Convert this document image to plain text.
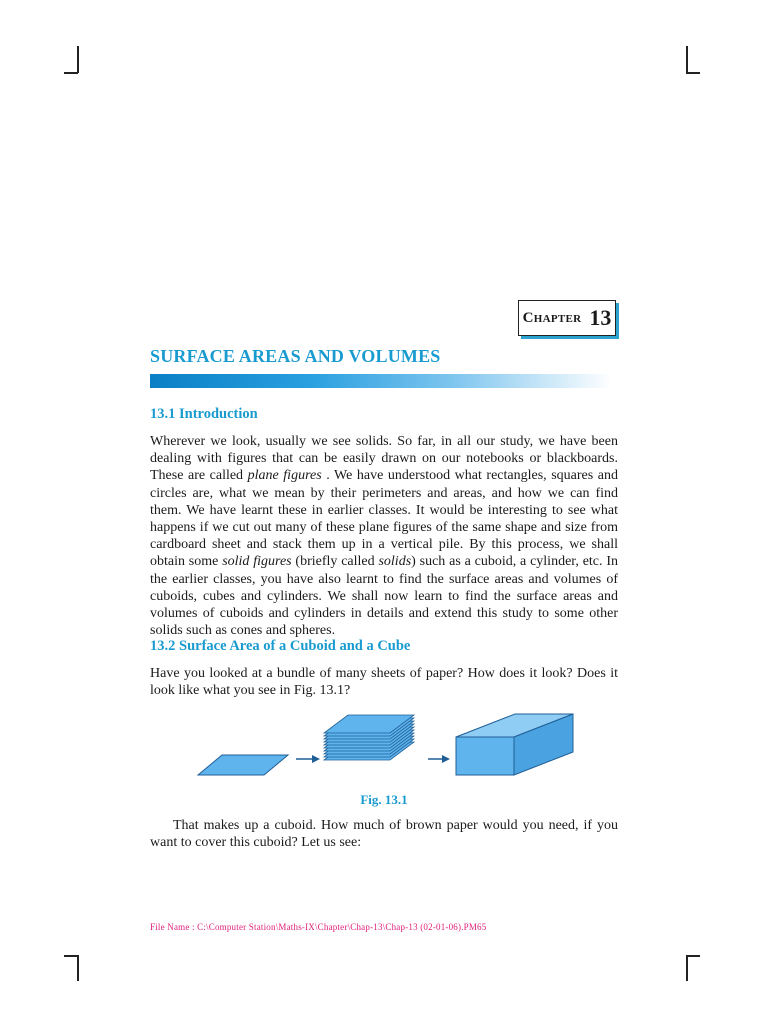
Chapter 13
SURFACE AREAS AND VOLUMES
13.1 Introduction

Wherever we look, usually we see solids. So far, in all our study, we have been dealing with figures that can be easily drawn on our notebooks or blackboards. These are called plane figures . We have understood what rectangles, squares and circles are, what we mean by their perimeters and areas, and how we can find them. We have learnt these in earlier classes. It would be interesting to see what happens if we cut out many of these plane figures of the same shape and size from cardboard sheet and stack them up in a vertical pile. By this process, we shall obtain some solid figures (briefly called solids) such as a cuboid, a cylinder, etc. In the earlier classes, you have also learnt to find the surface areas and volumes of cuboids, cubes and cylinders. We shall now learn to find the surface areas and volumes of cuboids and cylinders in details and extend this study to some other solids such as cones and spheres.

13.2 Surface Area of a Cuboid and a Cube

Have you looked at a bundle of many sheets of paper? How does it look? Does it look like what you see in Fig. 13.1?

Fig. 13.1

That makes up a cuboid. How much of brown paper would you need, if you want to cover this cuboid? Let us see:

File Name : C:\Computer Station\Maths-IX\Chapter\Chap-13\Chap-13 (02-01-06).PM65
